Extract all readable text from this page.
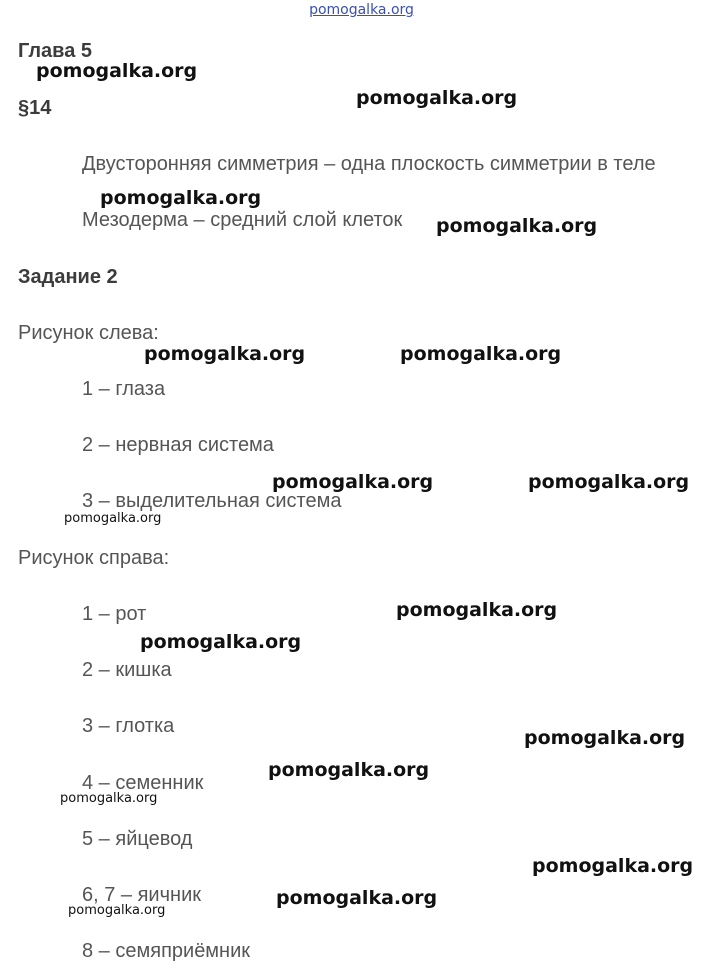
pomogalka.org
Глава 5
§14
Двусторонняя симметрия – одна плоскость симметрии в теле
Мезодерма – средний слой клеток
Задание 2
Рисунок слева:
1 – глаза
2 – нервная система
3 – выделительная система
Рисунок справа:
1 – рот
2 – кишка
3 – глотка
4 – семенник
5 – яйцевод
6, 7 – яичник
8 – семяприёмник
pomogalka.org
pomogalka.org
pomogalka.org
pomogalka.org
pomogalka.org	pomogalka.org
pomogalka.org	pomogalka.org
pomogalka.org
pomogalka.org
pomogalka.org
pomogalka.org
pomogalka.org
pomogalka.org
pomogalka.org
pomogalka.org
pomogalka.org
